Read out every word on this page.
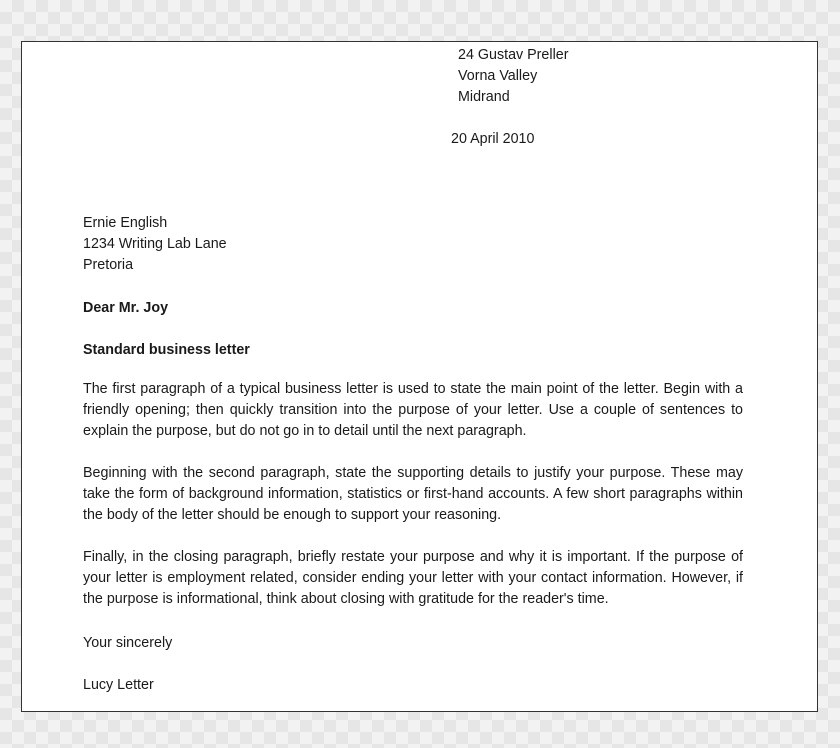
24 Gustav Preller
Vorna Valley
Midrand
20 April 2010
Ernie English
1234 Writing Lab Lane
Pretoria
Dear Mr. Joy
Standard business letter
The first paragraph of a typical business letter is used to state the main point of the letter. Begin with a friendly opening; then quickly transition into the purpose of your letter. Use a couple of sentences to explain the purpose, but do not go in to detail until the next paragraph.
Beginning with the second paragraph, state the supporting details to justify your purpose. These may take the form of background information, statistics or first-hand accounts. A few short paragraphs within the body of the letter should be enough to support your reasoning.
Finally, in the closing paragraph, briefly restate your purpose and why it is important. If the purpose of your letter is employment related, consider ending your letter with your contact information. However, if the purpose is informational, think about closing with gratitude for the reader's time.
Your sincerely
Lucy Letter
